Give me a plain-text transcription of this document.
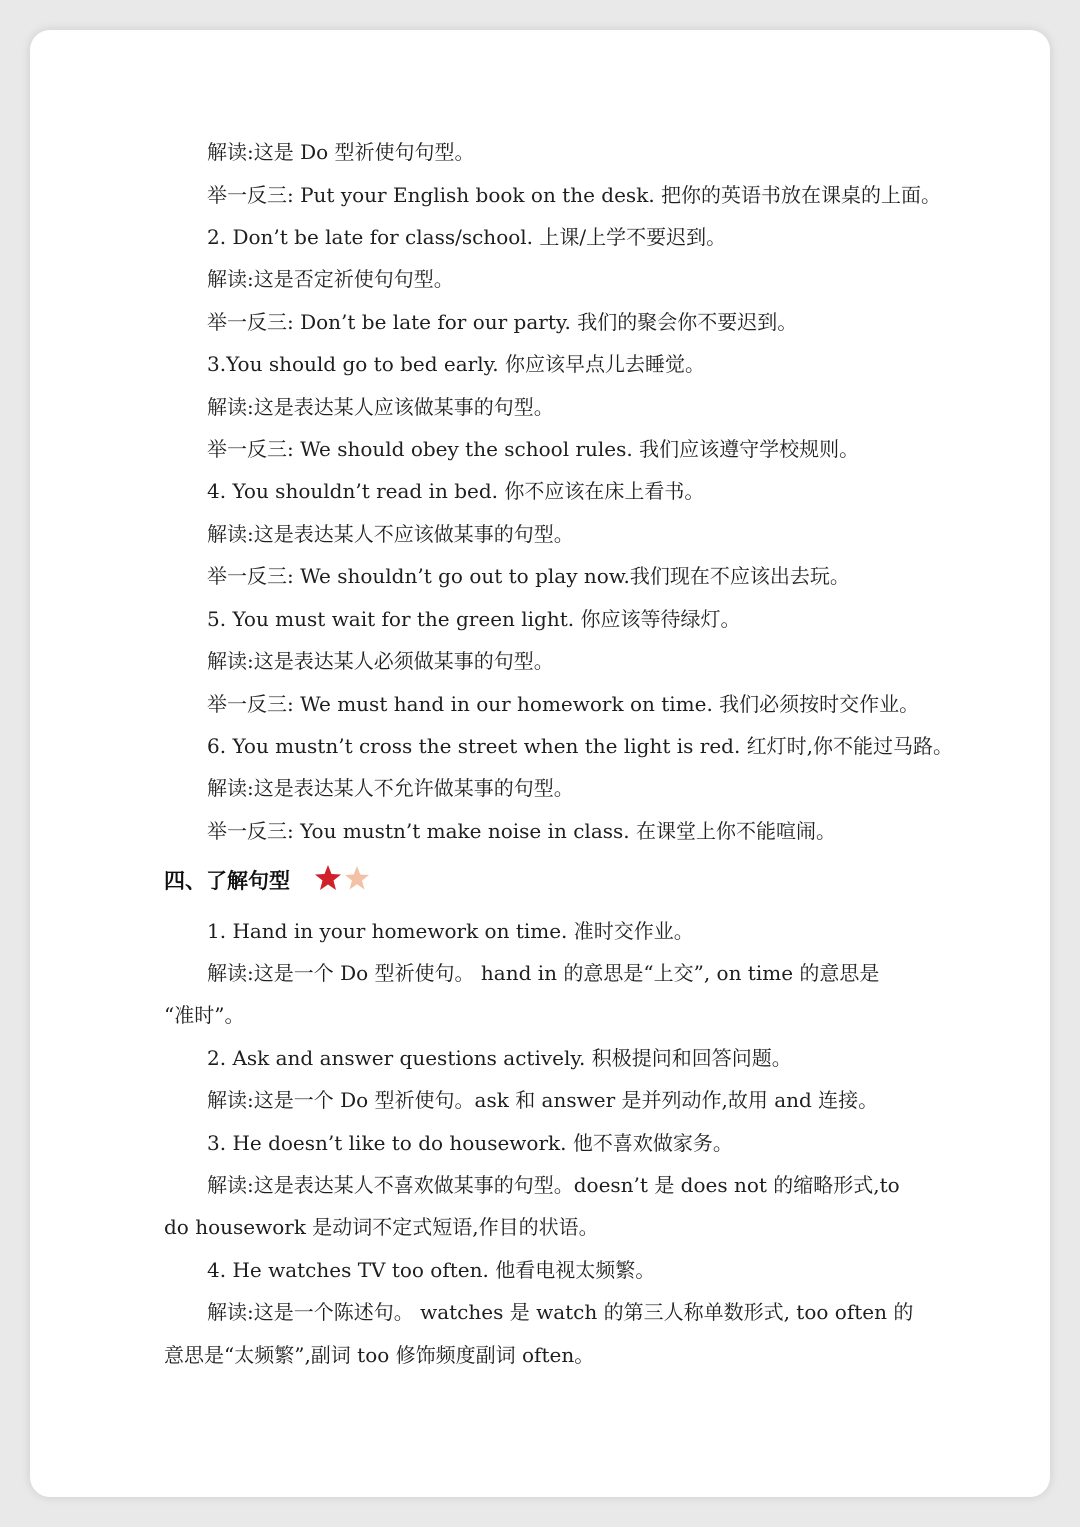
解读:这是 Do 型祈使句句型。
举一反三: Put your English book on the desk. 把你的英语书放在课桌的上面。
2. Don’t be late for class/school. 上课/上学不要迟到。
解读:这是否定祈使句句型。
举一反三: Don’t be late for our party. 我们的聚会你不要迟到。
3.You should go to bed early. 你应该早点儿去睡觉。
解读:这是表达某人应该做某事的句型。
举一反三: We should obey the school rules. 我们应该遵守学校规则。
4. You shouldn’t read in bed. 你不应该在床上看书。
解读:这是表达某人不应该做某事的句型。
举一反三: We shouldn’t go out to play now.我们现在不应该出去玩。
5. You must wait for the green light. 你应该等待绿灯。
解读:这是表达某人必须做某事的句型。
举一反三: We must hand in our homework on time. 我们必须按时交作业。
6. You mustn’t cross the street when the light is red. 红灯时,你不能过马路。
解读:这是表达某人不允许做某事的句型。
举一反三: You mustn’t make noise in class. 在课堂上你不能喧闹。
四、了解句型
1. Hand in your homework on time. 准时交作业。
解读:这是一个 Do 型祈使句。 hand in 的意思是“上交”, on time 的意思是
“准时”。
2. Ask and answer questions actively. 积极提问和回答问题。
解读:这是一个 Do 型祈使句。ask 和 answer 是并列动作,故用 and 连接。
3. He doesn’t like to do housework. 他不喜欢做家务。
解读:这是表达某人不喜欢做某事的句型。doesn’t 是 does not 的缩略形式,to
do housework 是动词不定式短语,作目的状语。
4. He watches TV too often. 他看电视太频繁。
解读:这是一个陈述句。 watches 是 watch 的第三人称单数形式, too often 的
意思是“太频繁”,副词 too 修饰频度副词 often。
